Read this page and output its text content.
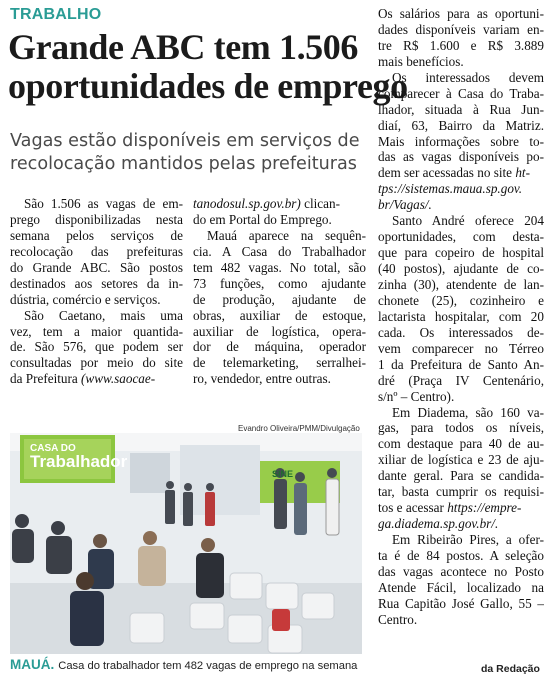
TRABALHO
Grande ABC tem 1.506
oportunidades de emprego
Vagas estão disponíveis em serviços de
recolocação mantidos pelas prefeituras
São 1.506 as vagas de em-
prego disponibilizadas nesta
semana pelos serviços de
recolocação das prefeituras
do Grande ABC. São postos
destinados aos setores da in-
dústria, comércio e serviços.
São Caetano, mais uma
vez, tem a maior quantida-
de. São 576, que podem ser
consultadas por meio do site
da Prefeitura (www.saocae-
tanodosul.sp.gov.br) clican-
do em Portal do Emprego.
Mauá aparece na sequên-
cia. A Casa do Trabalhador
tem 482 vagas. No total, são
73 funções, como ajudante
de produção, ajudante de
obras, auxiliar de estoque,
auxiliar de logística, opera-
dor de máquina, operador
de telemarketing, serralhei-
ro, vendedor, entre outras.
Os salários para as oportuni-
dades disponíveis variam en-
tre R$ 1.600 e R$ 3.889
mais benefícios.
Os interessados devem
comparecer à Casa do Traba-
lhador, situada à Rua Jun-
diaí, 63, Bairro da Matriz.
Mais informações sobre to-
das as vagas disponíveis po-
dem ser acessadas no site ht-
tps://sistemas.maua.sp.gov.
br/Vagas/.
Santo André oferece 204
oportunidades, com desta-
que para copeiro de hospital
(40 postos), ajudante de co-
zinha (30), atendente de lan-
chonete (25), cozinheiro e
lactarista hospitalar, com 20
cada. Os interessados de-
vem comparecer no Térreo
1 da Prefeitura de Santo An-
dré (Praça IV Centenário,
s/nº – Centro).
Em Diadema, são 160 va-
gas, para todos os níveis,
com destaque para 40 de au-
xiliar de logística e 23 de aju-
dante geral. Para se candida-
tar, basta cumprir os requisi-
tos e acessar https://empre-
ga.diadema.sp.gov.br/.
Em Ribeirão Pires, a ofer-
ta é de 84 postos. A seleção
das vagas acontece no Posto
Atende Fácil, localizado na
Rua Capitão José Gallo, 55 –
Centro.
Evandro Oliveira/PMM/Divulgação
CASA DO
Trabalhador
SINE
MAUÁ. Casa do trabalhador tem 482 vagas de emprego na semana	da Redação
